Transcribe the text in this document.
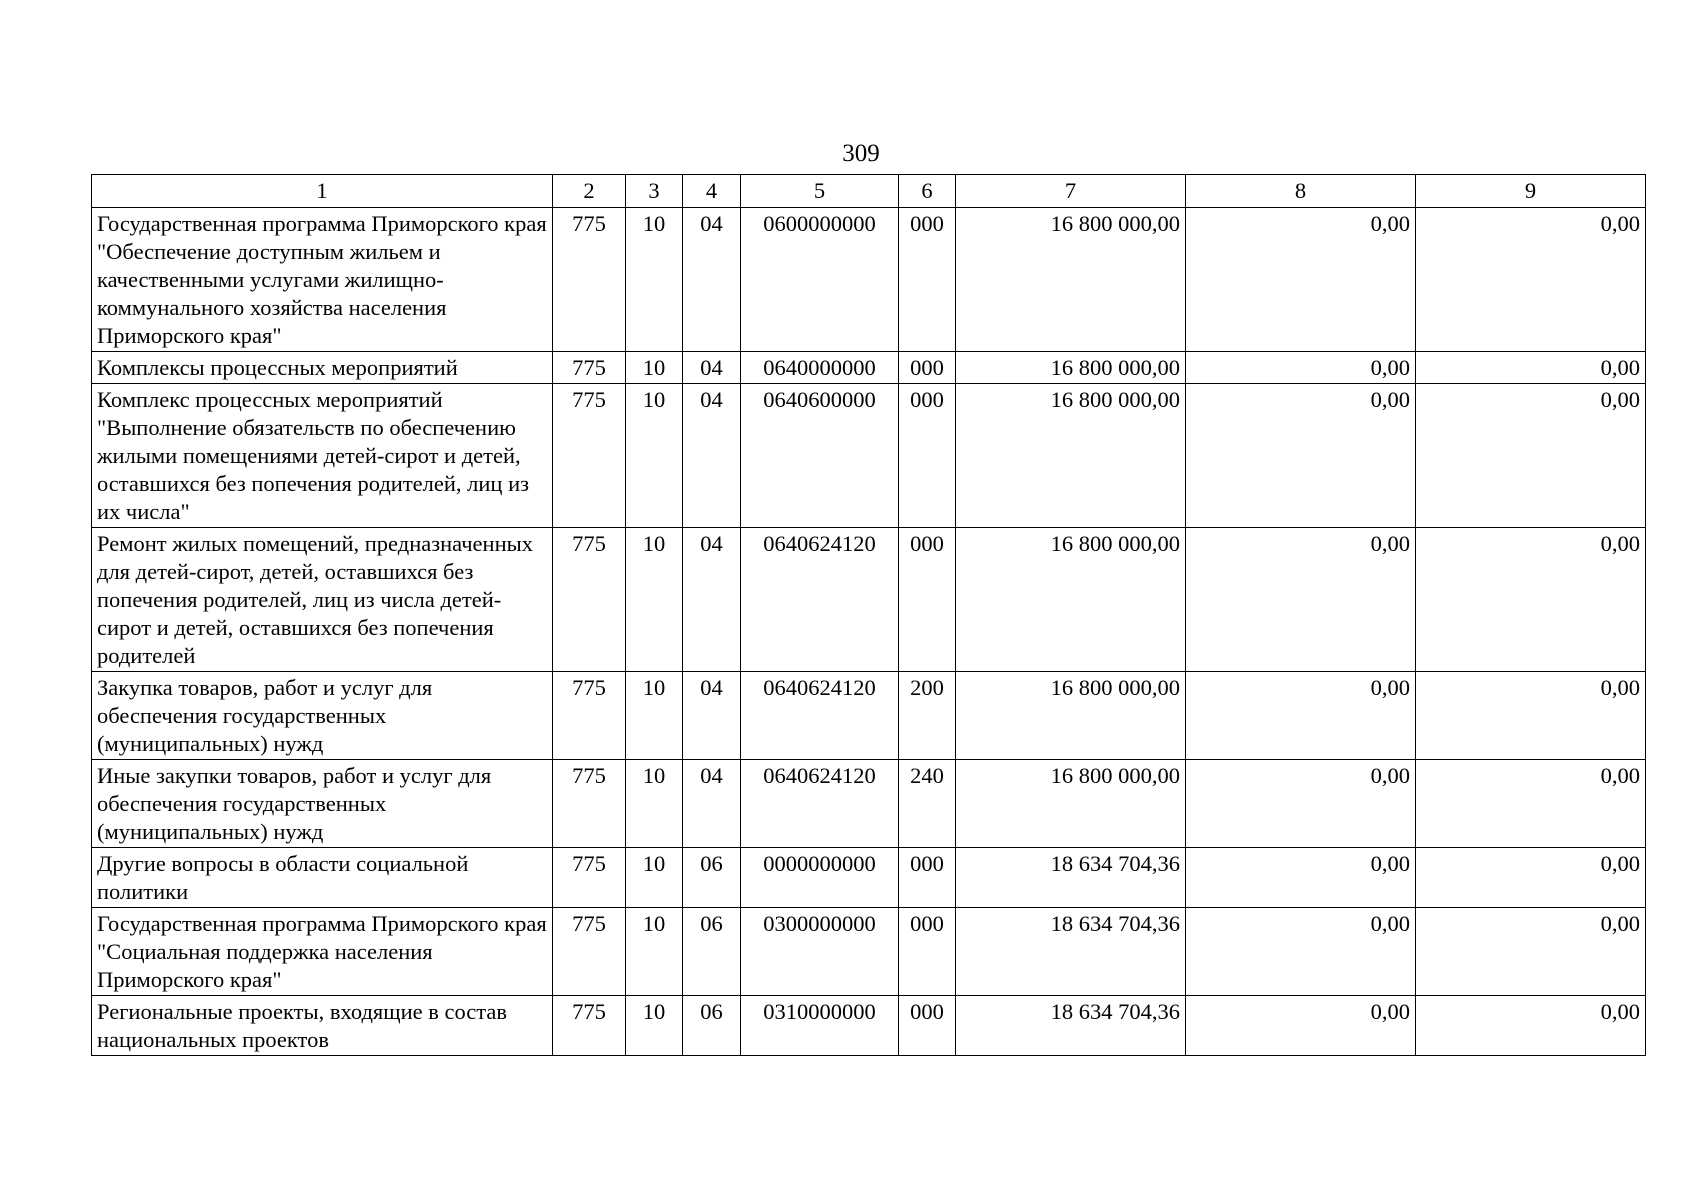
309
1	2	3	4	5	6	7	8	9
Государственная программа Приморского края "Обеспечение доступным жильем и качественными услугами жилищно-коммунального хозяйства населения Приморского края"	775	10	04	0600000000	000	16 800 000,00	0,00	0,00
Комплексы процессных мероприятий	775	10	04	0640000000	000	16 800 000,00	0,00	0,00
Комплекс процессных мероприятий "Выполнение обязательств по обеспечению жилыми помещениями детей-сирот и детей, оставшихся без попечения родителей, лиц из их числа"	775	10	04	0640600000	000	16 800 000,00	0,00	0,00
Ремонт жилых помещений, предназначенных для детей-сирот, детей, оставшихся без попечения родителей, лиц из числа детей-сирот и детей, оставшихся без попечения родителей	775	10	04	0640624120	000	16 800 000,00	0,00	0,00
Закупка товаров, работ и услуг для обеспечения государственных (муниципальных) нужд	775	10	04	0640624120	200	16 800 000,00	0,00	0,00
Иные закупки товаров, работ и услуг для обеспечения государственных (муниципальных) нужд	775	10	04	0640624120	240	16 800 000,00	0,00	0,00
Другие вопросы в области социальной политики	775	10	06	0000000000	000	18 634 704,36	0,00	0,00
Государственная программа Приморского края "Социальная поддержка населения Приморского края"	775	10	06	0300000000	000	18 634 704,36	0,00	0,00
Региональные проекты, входящие в состав национальных проектов	775	10	06	0310000000	000	18 634 704,36	0,00	0,00
